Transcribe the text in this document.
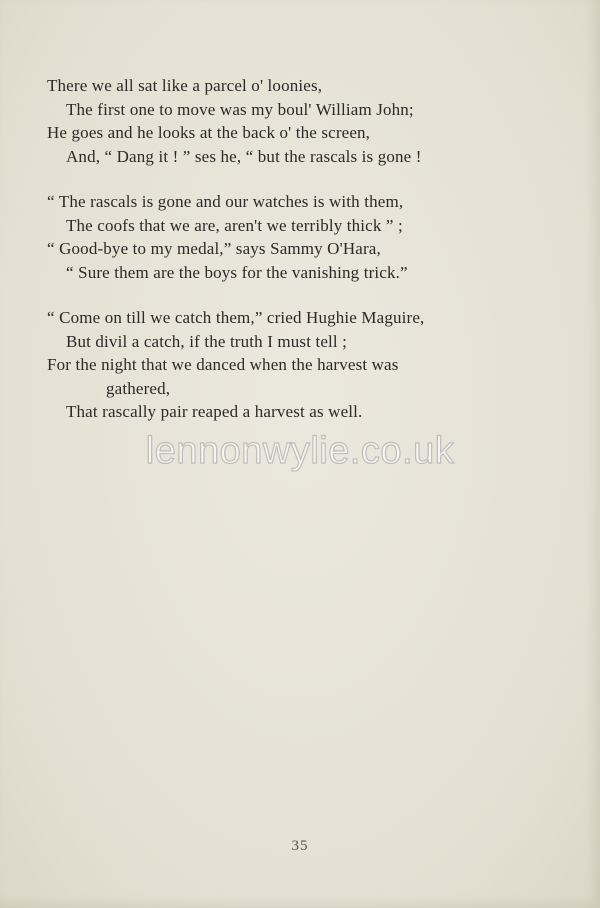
There we all sat like a parcel o' loonies,
The first one to move was my boul' William John;
He goes and he looks at the back o' the screen,
And, “ Dang it ! ” ses he, “ but the rascals is gone !
“ The rascals is gone and our watches is with them,
The coofs that we are, aren't we terribly thick ” ;
“ Good-bye to my medal,” says Sammy O'Hara,
“ Sure them are the boys for the vanishing trick.”
“ Come on till we catch them,” cried Hughie Maguire,
But divil a catch, if the truth I must tell ;
For the night that we danced when the harvest was
gathered,
That rascally pair reaped a harvest as well.
lennonwylie.co.uk
35
